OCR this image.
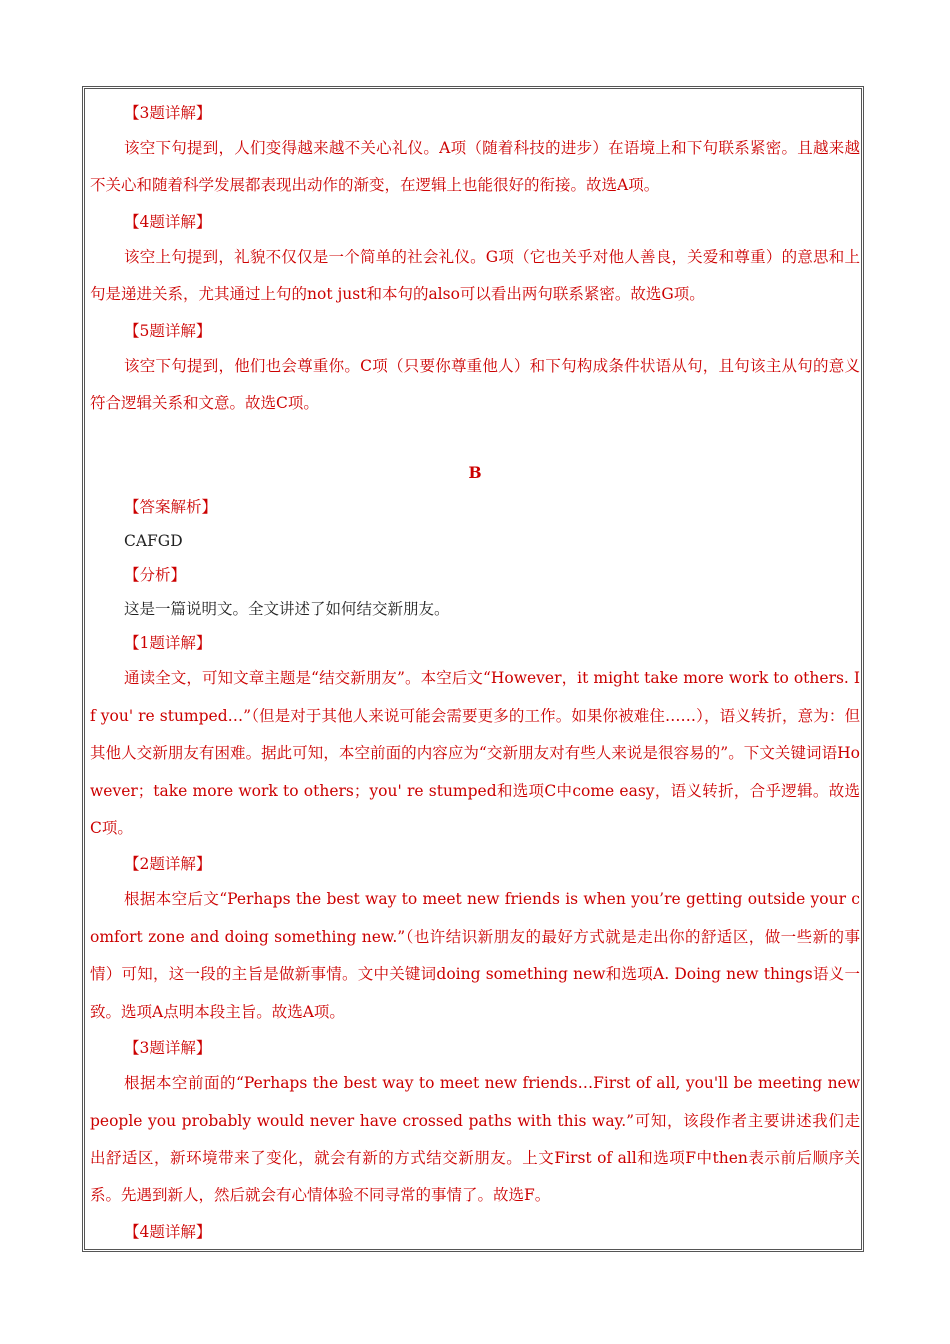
【3题详解】

该空下句提到，人们变得越来越不关心礼仪。A项（随着科技的进步）在语境上和下句联系紧密。且越来越不关心和随着科学发展都表现出动作的渐变，在逻辑上也能很好的衔接。故选A项。

【4题详解】

该空上句提到，礼貌不仅仅是一个简单的社会礼仪。G项（它也关乎对他人善良，关爱和尊重）的意思和上句是递进关系，尤其通过上句的not just和本句的also可以看出两句联系紧密。故选G项。

【5题详解】

该空下句提到，他们也会尊重你。C项（只要你尊重他人）和下句构成条件状语从句，且句该主从句的意义符合逻辑关系和文意。故选C项。

B

【答案解析】

CAFGD

【分析】

这是一篇说明文。全文讲述了如何结交新朋友。

【1题详解】

通读全文，可知文章主题是“结交新朋友”。本空后文“However，it might take more work to others. If you' re stumped…”（但是对于其他人来说可能会需要更多的工作。如果你被难住……），语义转折，意为：但其他人交新朋友有困难。据此可知，本空前面的内容应为“交新朋友对有些人来说是很容易的”。下文关键词语However；take more work to others；you' re stumped和选项C中come easy，语义转折，合乎逻辑。故选C项。

【2题详解】

根据本空后文“Perhaps the best way to meet new friends is when you’re getting outside your comfort zone and doing something new.”（也许结识新朋友的最好方式就是走出你的舒适区，做一些新的事情）可知，这一段的主旨是做新事情。文中关键词doing something new和选项A. Doing new things语义一致。选项A点明本段主旨。故选A项。

【3题详解】

根据本空前面的“Perhaps the best way to meet new friends…First of all, you'll be meeting new people you probably would never have crossed paths with this way.”可知，该段作者主要讲述我们走出舒适区，新环境带来了变化，就会有新的方式结交新朋友。上文First of all和选项F中then表示前后顺序关系。先遇到新人，然后就会有心情体验不同寻常的事情了。故选F。

【4题详解】
